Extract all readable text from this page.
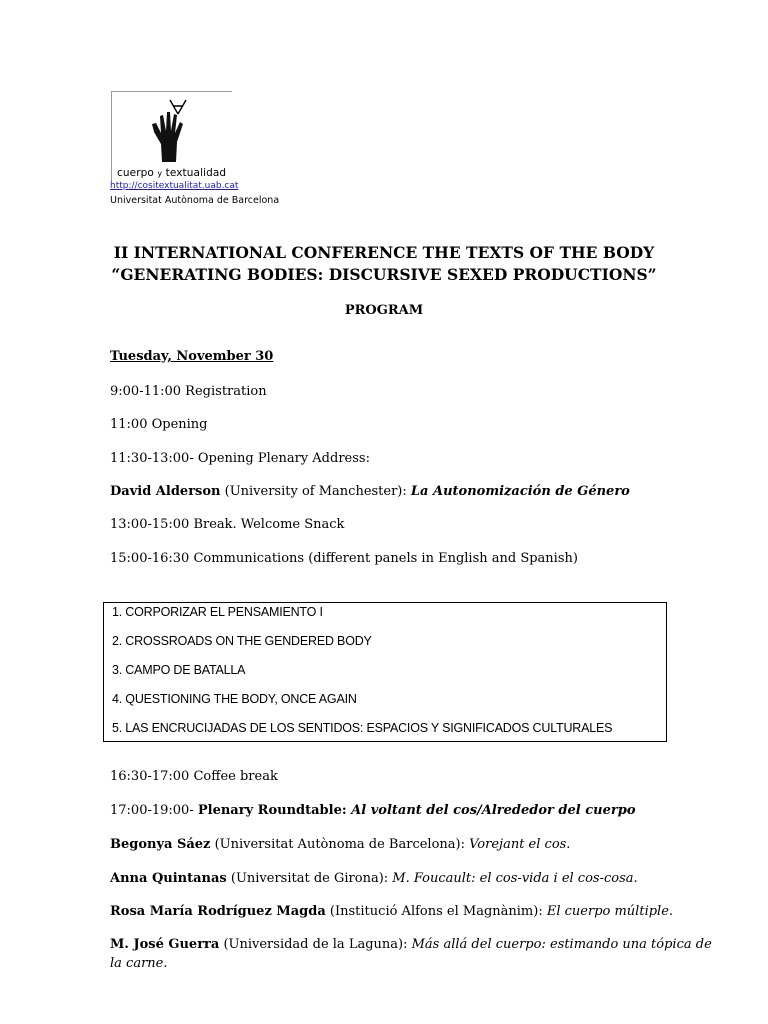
cuerpo y textualidad
http://cositextualitat.uab.cat
Universitat Autònoma de Barcelona
II INTERNATIONAL CONFERENCE THE TEXTS OF THE BODY
“GENERATING BODIES: DISCURSIVE SEXED PRODUCTIONS”
PROGRAM
Tuesday, November 30
9:00-11:00 Registration
11:00 Opening
11:30-13:00- Opening Plenary Address:
David Alderson (University of Manchester): La Autonomización de Género
13:00-15:00 Break. Welcome Snack
15:00-16:30 Communications (different panels in English and Spanish)
1. CORPORIZAR EL PENSAMIENTO I
2. CROSSROADS ON THE GENDERED BODY
3. CAMPO DE BATALLA
4. QUESTIONING THE BODY, ONCE AGAIN
5. LAS ENCRUCIJADAS DE LOS SENTIDOS: ESPACIOS Y SIGNIFICADOS CULTURALES
16:30-17:00 Coffee break
17:00-19:00- Plenary Roundtable: Al voltant del cos/Alrededor del cuerpo
Begonya Sáez (Universitat Autònoma de Barcelona): Vorejant el cos.
Anna Quintanas (Universitat de Girona): M. Foucault: el cos-vida i el cos-cosa.
Rosa María Rodríguez Magda (Institució Alfons el Magnànim): El cuerpo múltiple.
M. José Guerra (Universidad de la Laguna): Más allá del cuerpo: estimando una tópica de
la carne.
